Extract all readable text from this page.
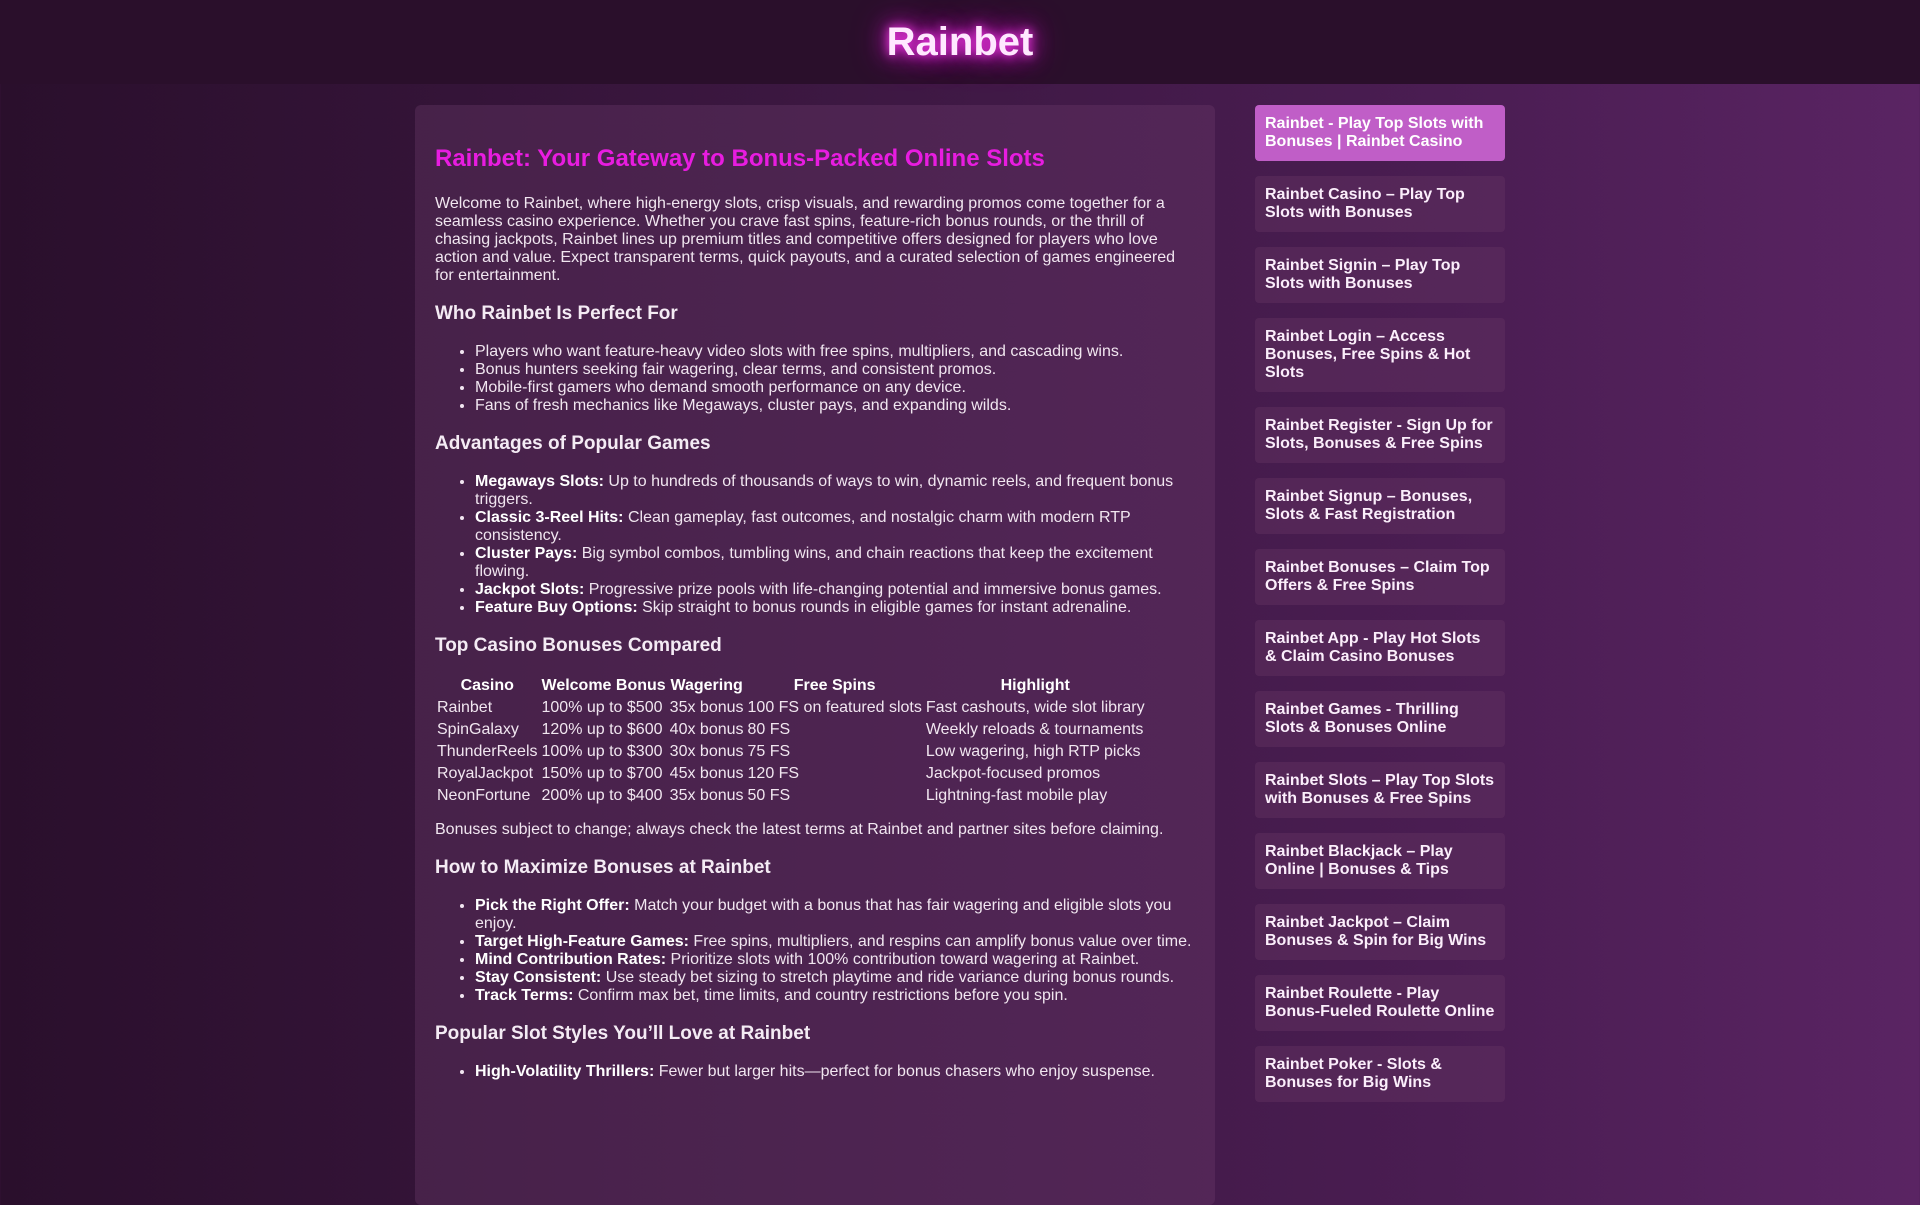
Rainbet
Rainbet: Your Gateway to Bonus-Packed Online Slots

Welcome to Rainbet, where high-energy slots, crisp visuals, and rewarding promos come together for a seamless casino experience. Whether you crave fast spins, feature-rich bonus rounds, or the thrill of chasing jackpots, Rainbet lines up premium titles and competitive offers designed for players who love action and value. Expect transparent terms, quick payouts, and a curated selection of games engineered for entertainment.

Who Rainbet Is Perfect For
• Players who want feature-heavy video slots with free spins, multipliers, and cascading wins.
• Bonus hunters seeking fair wagering, clear terms, and consistent promos.
• Mobile-first gamers who demand smooth performance on any device.
• Fans of fresh mechanics like Megaways, cluster pays, and expanding wilds.
Advantages of Popular Games
• Megaways Slots: Up to hundreds of thousands of ways to win, dynamic reels, and frequent bonus triggers.
• Classic 3-Reel Hits: Clean gameplay, fast outcomes, and nostalgic charm with modern RTP consistency.
• Cluster Pays: Big symbol combos, tumbling wins, and chain reactions that keep the excitement flowing.
• Jackpot Slots: Progressive prize pools with life-changing potential and immersive bonus games.
• Feature Buy Options: Skip straight to bonus rounds in eligible games for instant adrenaline.
Top Casino Bonuses Compared
Casino	Welcome Bonus	Wagering	Free Spins	Highlight
Rainbet	100% up to $500	35x bonus	100 FS on featured slots	Fast cashouts, wide slot library
SpinGalaxy	120% up to $600	40x bonus	80 FS	Weekly reloads & tournaments
ThunderReels	100% up to $300	30x bonus	75 FS	Low wagering, high RTP picks
RoyalJackpot	150% up to $700	45x bonus	120 FS	Jackpot-focused promos
NeonFortune	200% up to $400	35x bonus	50 FS	Lightning-fast mobile play

Bonuses subject to change; always check the latest terms at Rainbet and partner sites before claiming.

How to Maximize Bonuses at Rainbet
• Pick the Right Offer: Match your budget with a bonus that has fair wagering and eligible slots you enjoy.
• Target High-Feature Games: Free spins, multipliers, and respins can amplify bonus value over time.
• Mind Contribution Rates: Prioritize slots with 100% contribution toward wagering at Rainbet.
• Stay Consistent: Use steady bet sizing to stretch playtime and ride variance during bonus rounds.
• Track Terms: Confirm max bet, time limits, and country restrictions before you spin.
Popular Slot Styles You’ll Love at Rainbet
• High-Volatility Thrillers: Fewer but larger hits—perfect for bonus chasers who enjoy suspense.
Rainbet - Play Top Slots with Bonuses | Rainbet Casino
Rainbet Casino – Play Top Slots with Bonuses
Rainbet Signin – Play Top Slots with Bonuses
Rainbet Login – Access Bonuses, Free Spins & Hot Slots
Rainbet Register - Sign Up for Slots, Bonuses & Free Spins
Rainbet Signup – Bonuses, Slots & Fast Registration
Rainbet Bonuses – Claim Top Offers & Free Spins
Rainbet App - Play Hot Slots & Claim Casino Bonuses
Rainbet Games - Thrilling Slots & Bonuses Online
Rainbet Slots – Play Top Slots with Bonuses & Free Spins
Rainbet Blackjack – Play Online | Bonuses & Tips
Rainbet Jackpot – Claim Bonuses & Spin for Big Wins
Rainbet Roulette - Play Bonus-Fueled Roulette Online
Rainbet Poker - Slots & Bonuses for Big Wins
